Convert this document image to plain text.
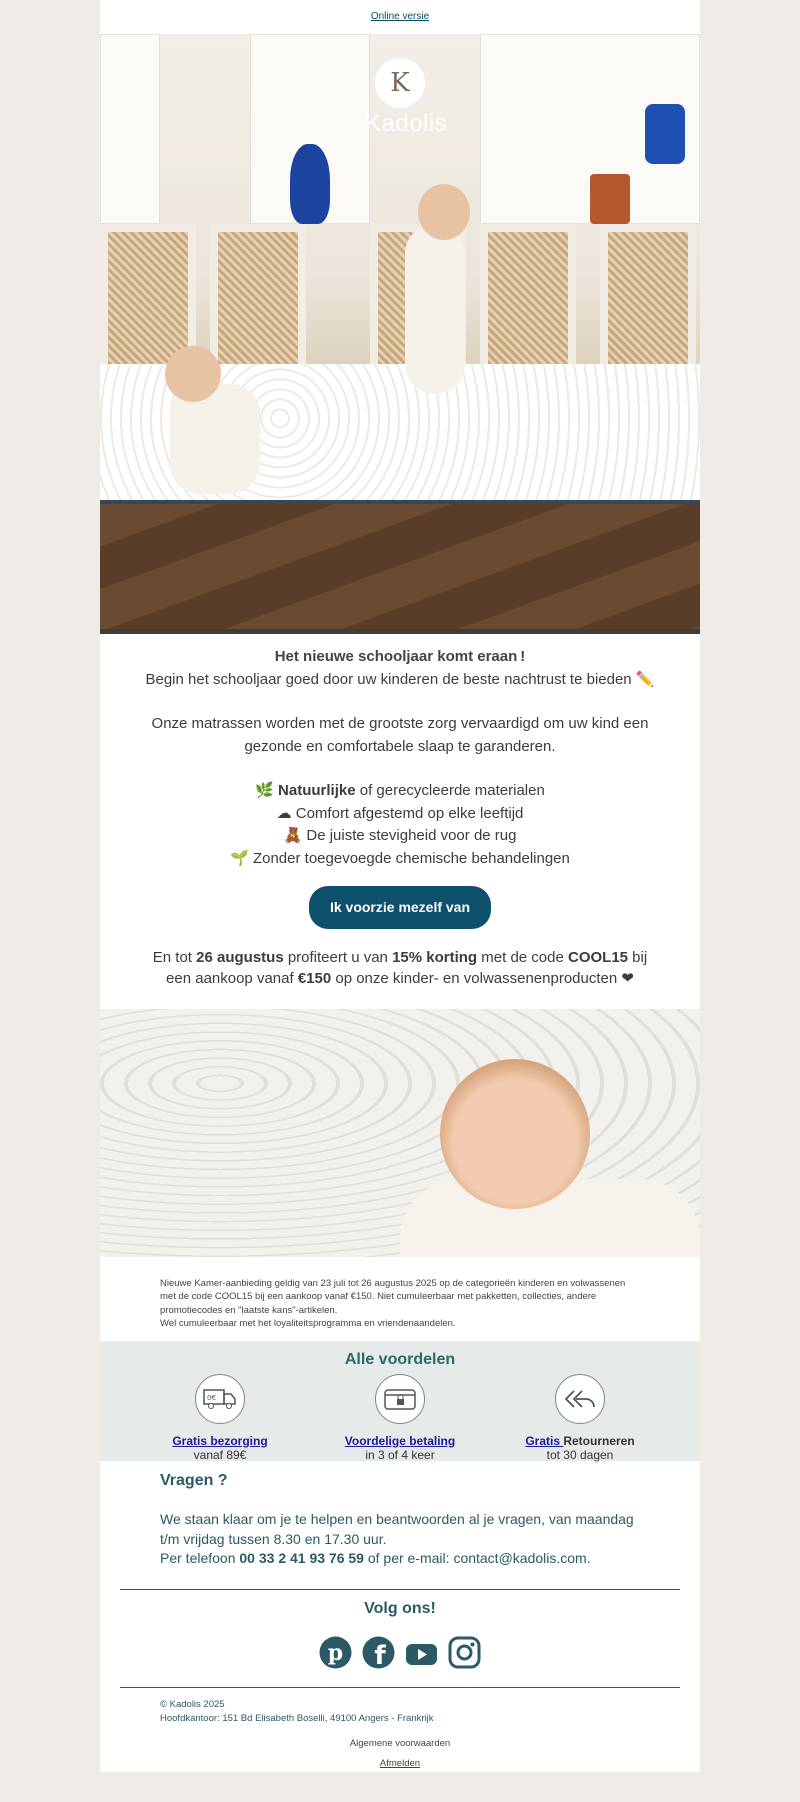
Online versie
K
Kadolis
Het nieuwe schooljaar komt eraan !

Begin het schooljaar goed door uw kinderen de beste nachtrust te bieden ✏️

Onze matrassen worden met de grootste zorg vervaardigd om uw kind een gezonde en comfortabele slaap te garanderen.

🌿 Natuurlijke of gerecycleerde materialen
☁ Comfort afgestemd op elke leeftijd
🧸 De juiste stevigheid voor de rug
🌱 Zonder toegevoegde chemische behandelingen
Ik voorzie mezelf van
En tot 26 augustus profiteert u van 15% korting met de code COOL15 bij een aankoop vanaf €150 op onze kinder- en volwassenenproducten ❤
Nieuwe Kamer-aanbieding geldig van 23 juli tot 26 augustus 2025 op de categorieën kinderen en volwassenen met de code COOL15 bij een aankoop vanaf €150. Niet cumuleerbaar met pakketten, collecties, andere promotiecodes en "laatste kans"-artikelen.
Wel cumuleerbaar met het loyaliteitsprogramma en vriendenaandelen.
Alle voordelen
0€
Gratis bezorging
vanaf 89€
Voordelige betaling
in 3 of 4 keer
Gratis Retourneren
tot 30 dagen
Vragen ?
We staan klaar om je te helpen en beantwoorden al je vragen, van maandag t/m vrijdag tussen 8.30 en 17.30 uur.
Per telefoon 00 33 2 41 93 76 59 of per e-mail: contact@kadolis.com.
Volg ons!
p f
© Kadolis 2025
Hoofdkantoor: 151 Bd Elisabeth Boselli, 49100 Angers - Frankrijk
Algemene voorwaarden
Afmelden
